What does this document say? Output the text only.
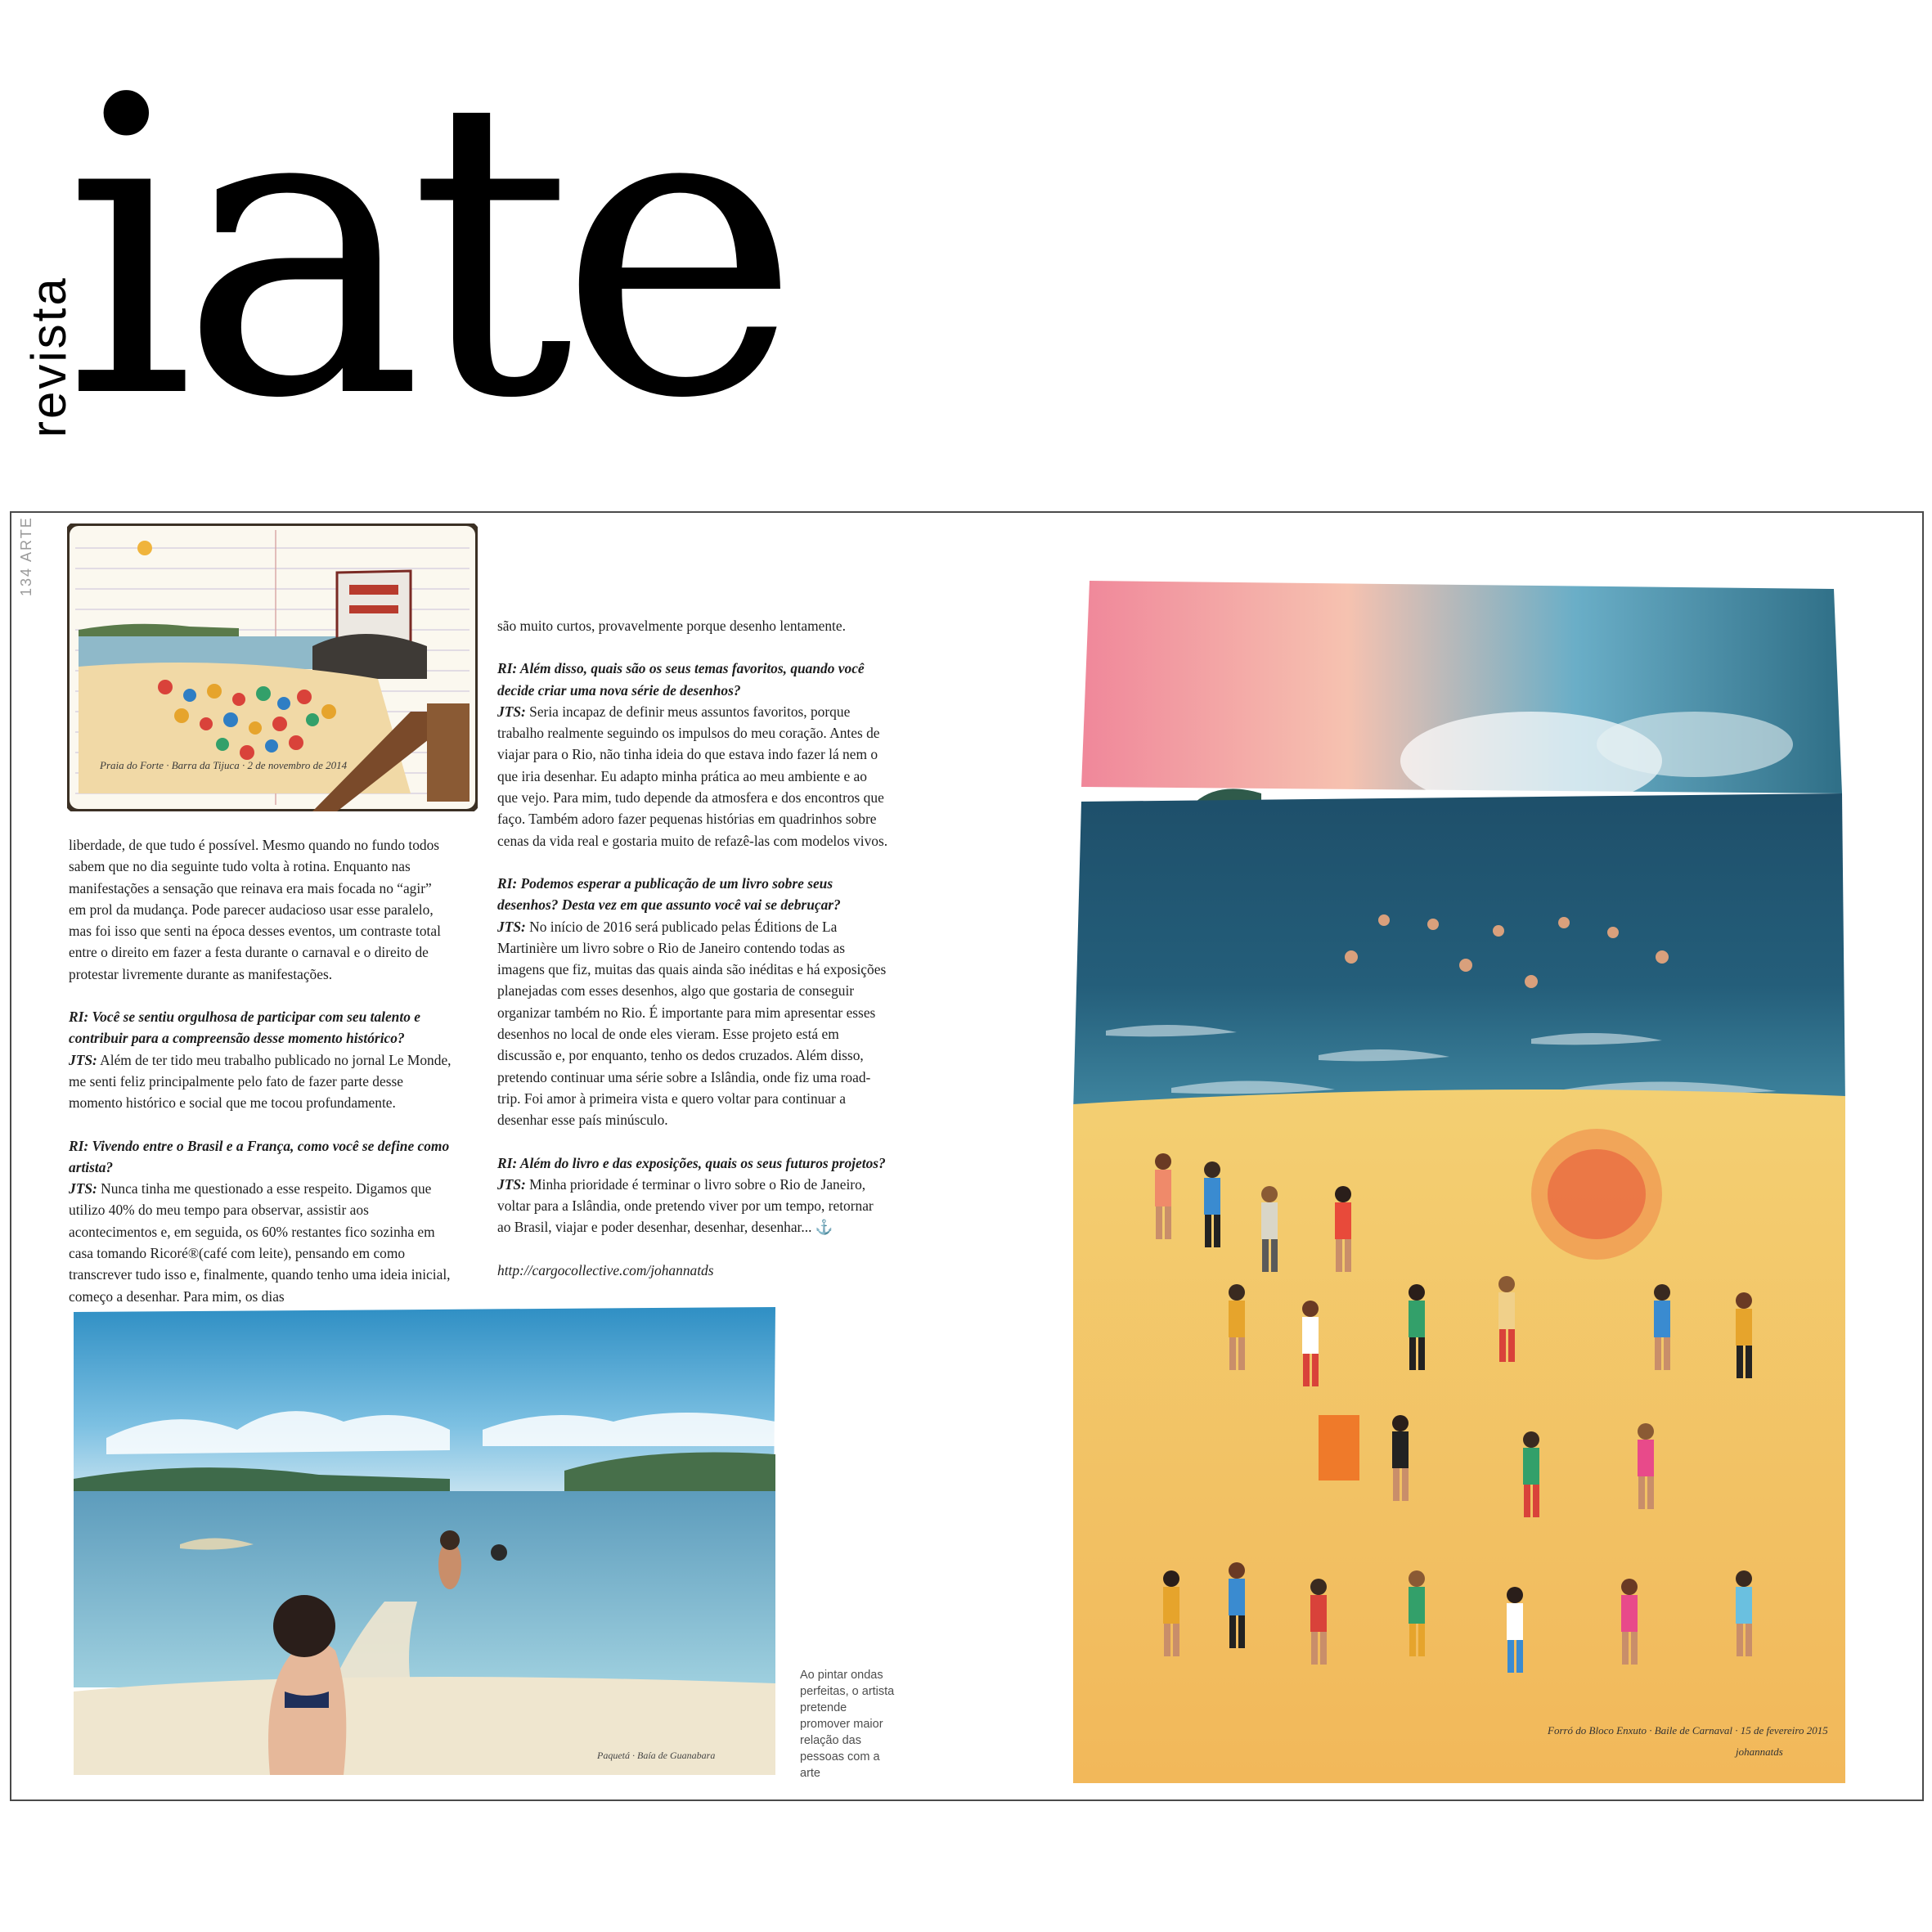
revista
iate
134 ARTE
Praia do Forte · Barra da Tijuca · 2 de novembro de 2014

liberdade, de que tudo é possível. Mesmo quando no fundo todos sabem que no dia seguinte tudo volta à rotina. Enquanto nas manifestações a sensação que reinava era mais focada no “agir” em prol da mudança. Pode parecer audacioso usar esse paralelo, mas foi isso que senti na época desses eventos, um contraste total entre o direito em fazer a festa durante o carnaval e o direito de protestar livremente durante as manifestações.

RI: Você se sentiu orgulhosa de participar com seu talento e contribuir para a compreensão desse momento histórico?
JTS: Além de ter tido meu trabalho publicado no jornal Le Monde, me senti feliz principalmente pelo fato de fazer parte desse momento histórico e social que me tocou profundamente.

RI: Vivendo entre o Brasil e a França, como você se define como artista?
JTS: Nunca tinha me questionado a esse respeito. Digamos que utilizo 40% do meu tempo para observar, assistir aos acontecimentos e, em seguida, os 60% restantes fico sozinha em casa tomando Ricoré®(café com leite), pensando em como transcrever tudo isso e, finalmente, quando tenho uma ideia inicial, começo a desenhar. Para mim, os dias

são muito curtos, provavelmente porque desenho lentamente.

RI: Além disso, quais são os seus temas favoritos, quando você decide criar uma nova série de desenhos?
JTS: Seria incapaz de definir meus assuntos favoritos, porque trabalho realmente seguindo os impulsos do meu coração. Antes de viajar para o Rio, não tinha ideia do que estava indo fazer lá nem o que iria desenhar. Eu adapto minha prática ao meu ambiente e ao que vejo. Para mim, tudo depende da atmosfera e dos encontros que faço. Também adoro fazer pequenas histórias em quadrinhos sobre cenas da vida real e gostaria muito de refazê-las com modelos vivos.

RI: Podemos esperar a publicação de um livro sobre seus desenhos? Desta vez em que assunto você vai se debruçar?
JTS: No início de 2016 será publicado pelas Éditions de La Martinière um livro sobre o Rio de Janeiro contendo todas as imagens que fiz, muitas das quais ainda são inéditas e há exposições planejadas com esses desenhos, algo que gostaria de conseguir organizar também no Rio. É importante para mim apresentar esses desenhos no local de onde eles vieram. Esse projeto está em discussão e, por enquanto, tenho os dedos cruzados. Além disso, pretendo continuar uma série sobre a Islândia, onde fiz uma road-trip. Foi amor à primeira vista e quero voltar para continuar a desenhar esse país minúsculo.

RI: Além do livro e das exposições, quais os seus futuros projetos?
JTS: Minha prioridade é terminar o livro sobre o Rio de Janeiro, voltar para a Islândia, onde pretendo viver por um tempo, retornar ao Brasil, viajar e poder desenhar, desenhar, desenhar... ⚓

http://cargocollective.com/johannatds

Paquetá · Baía de Guanabara
Ao pintar ondas perfeitas, o artista pretende promover maior relação das pessoas com a arte
Forró do Bloco Enxuto · Baile de Carnaval · 15 de fevereiro 2015
johannatds
